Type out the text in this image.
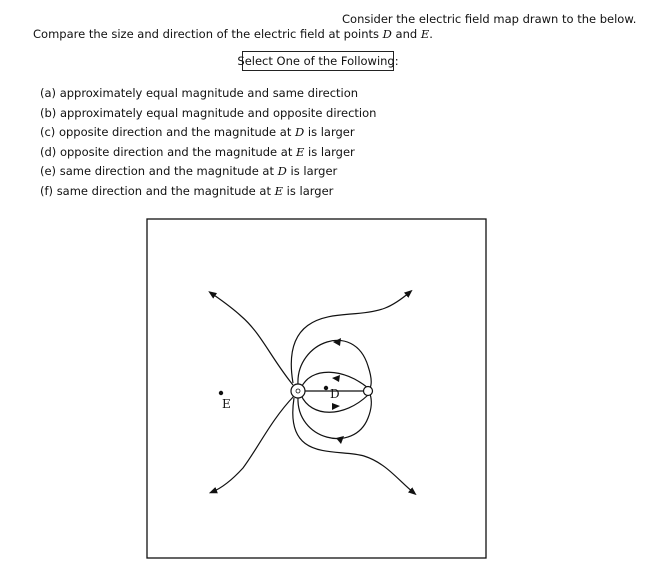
Consider the electric field map drawn to the below.
Compare the size and direction of the electric field at points D and E.
Select One of the Following:
(a) approximately equal magnitude and same direction
(b) approximately equal magnitude and opposite direction
(c) opposite direction and the magnitude at D is larger
(d) opposite direction and the magnitude at E is larger
(e) same direction and the magnitude at D is larger
(f) same direction and the magnitude at E is larger
D
E
